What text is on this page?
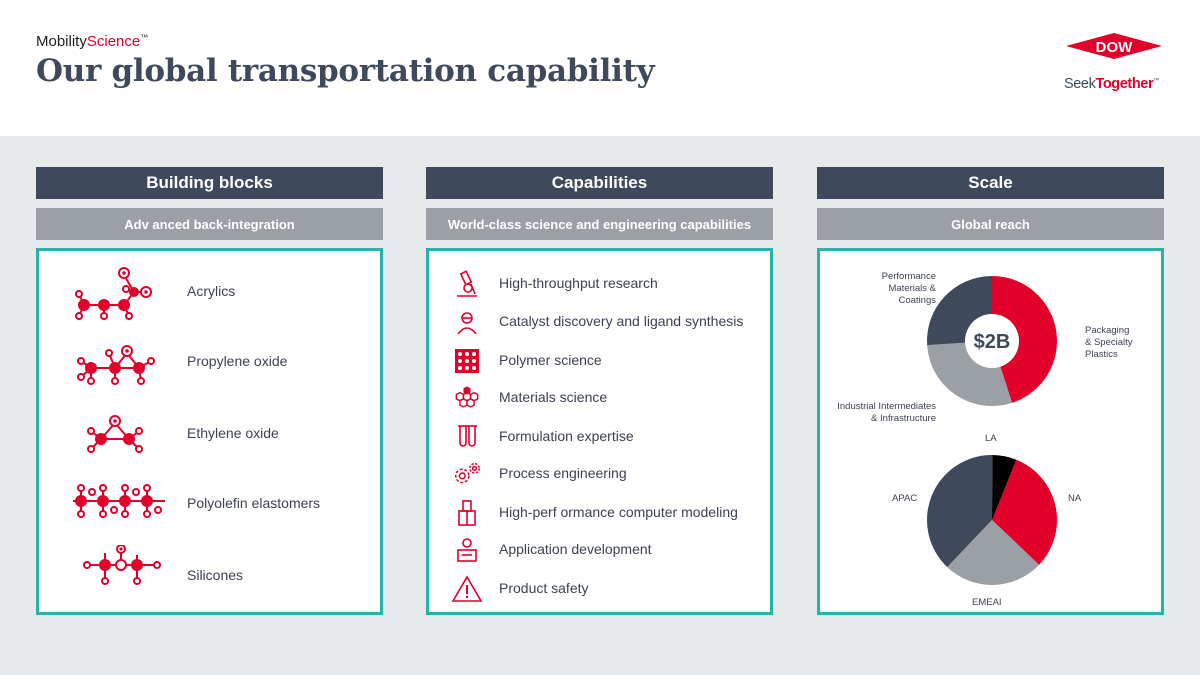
MobilityScience™
Our global transportation capability
DOW
SeekTogether™
Building blocks
Adv anced back-integration
Acrylics
Propylene oxide
Ethylene oxide
Polyolefin elastomers
Silicones
Capabilities
World-class science and engineering capabilities
High-throughput research
Catalyst discovery and ligand synthesis
Polymer science
Materials science
Formulation expertise
Process engineering
High-perf ormance computer modeling
Application development
Product safety
Scale
Global reach
$2B
Performance
Materials &
Coatings
Packaging
& Specialty
Plastics
Industrial Intermediates
& Infrastructure
LA
NA
APAC
EMEAI
